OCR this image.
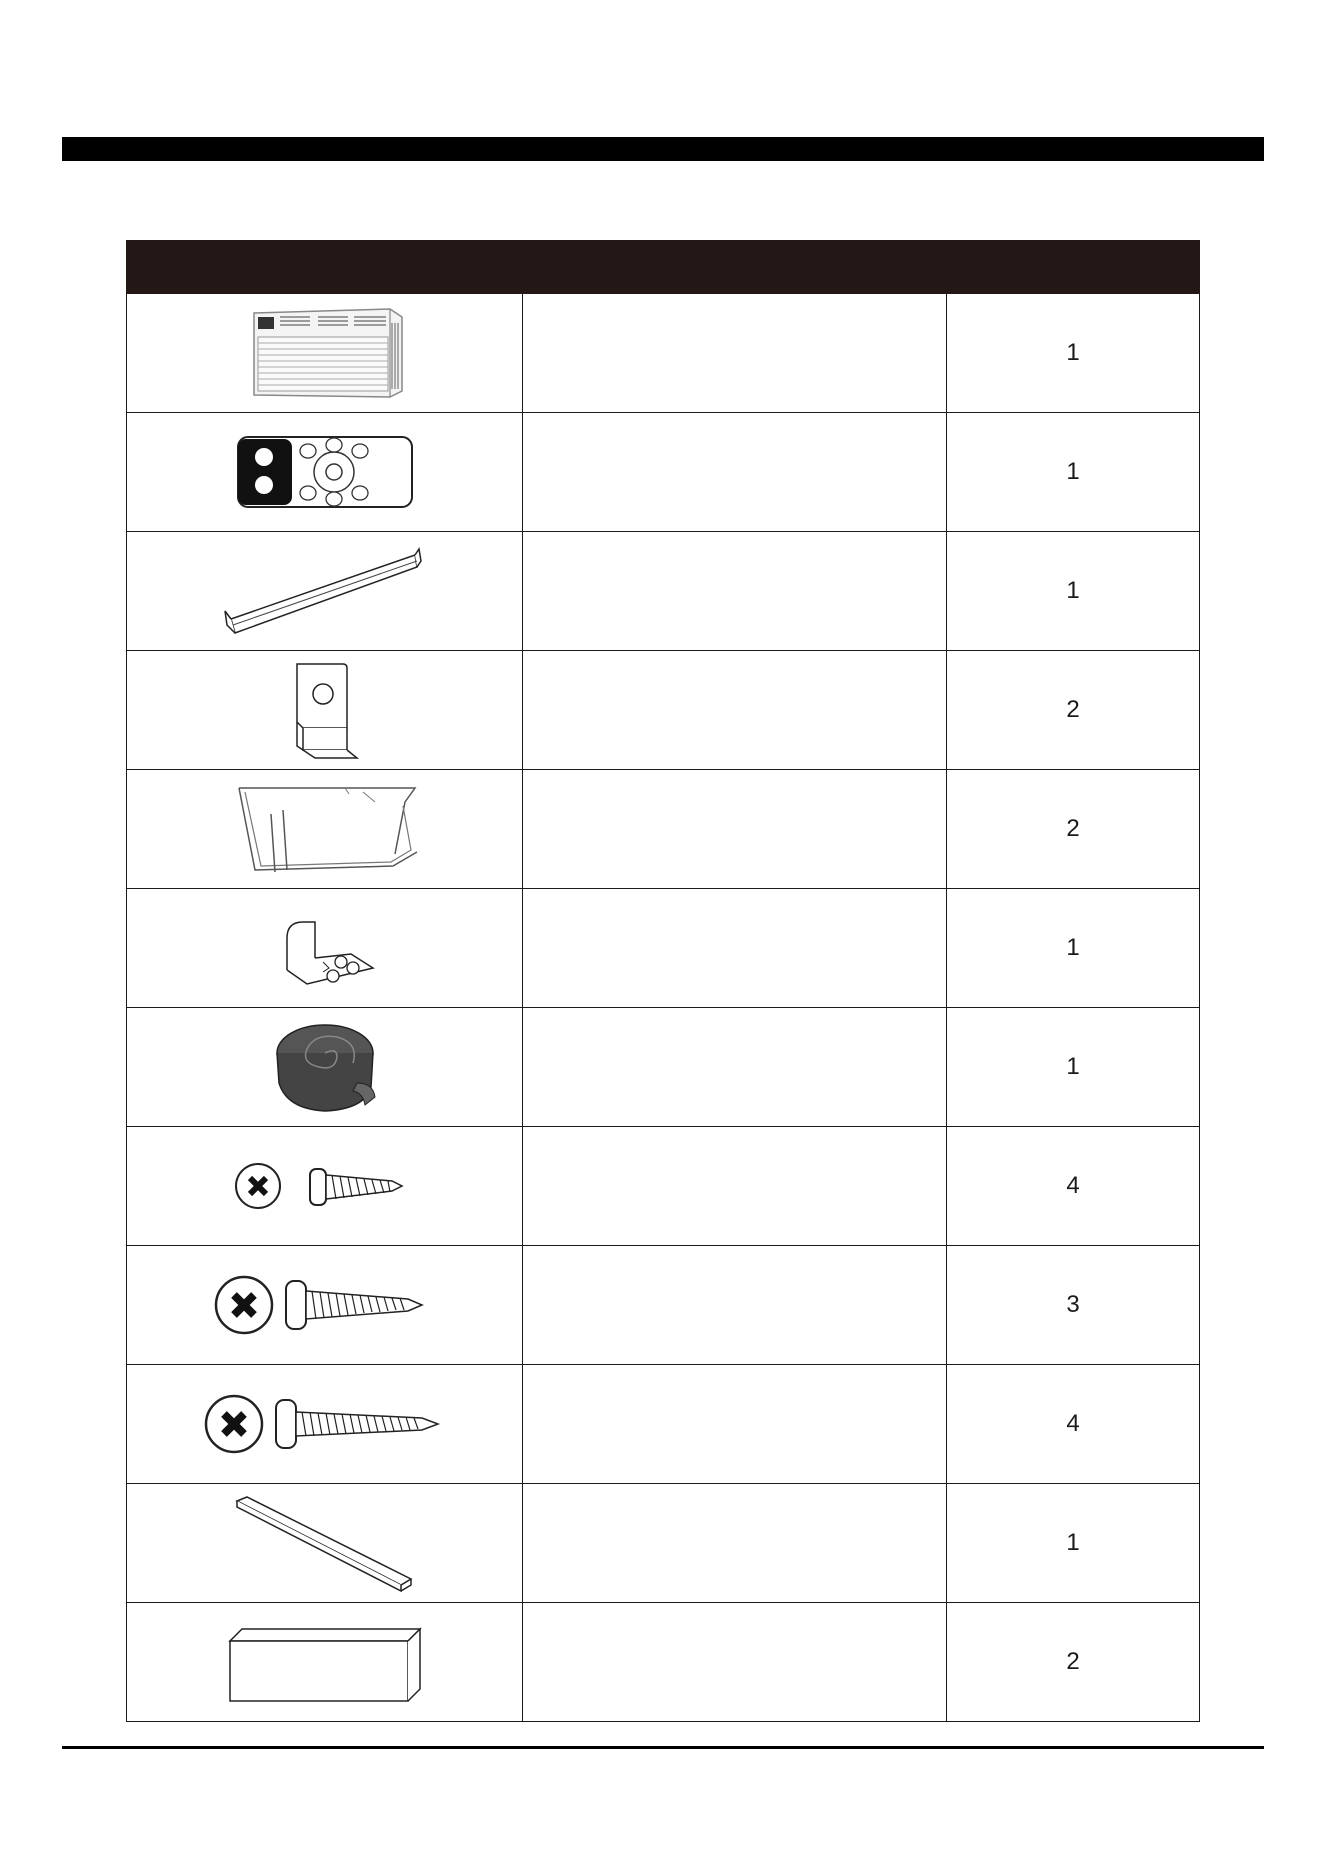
		1

		1

		1

		2

		2

		1

		1

		4

		3

		4

		1

		2
